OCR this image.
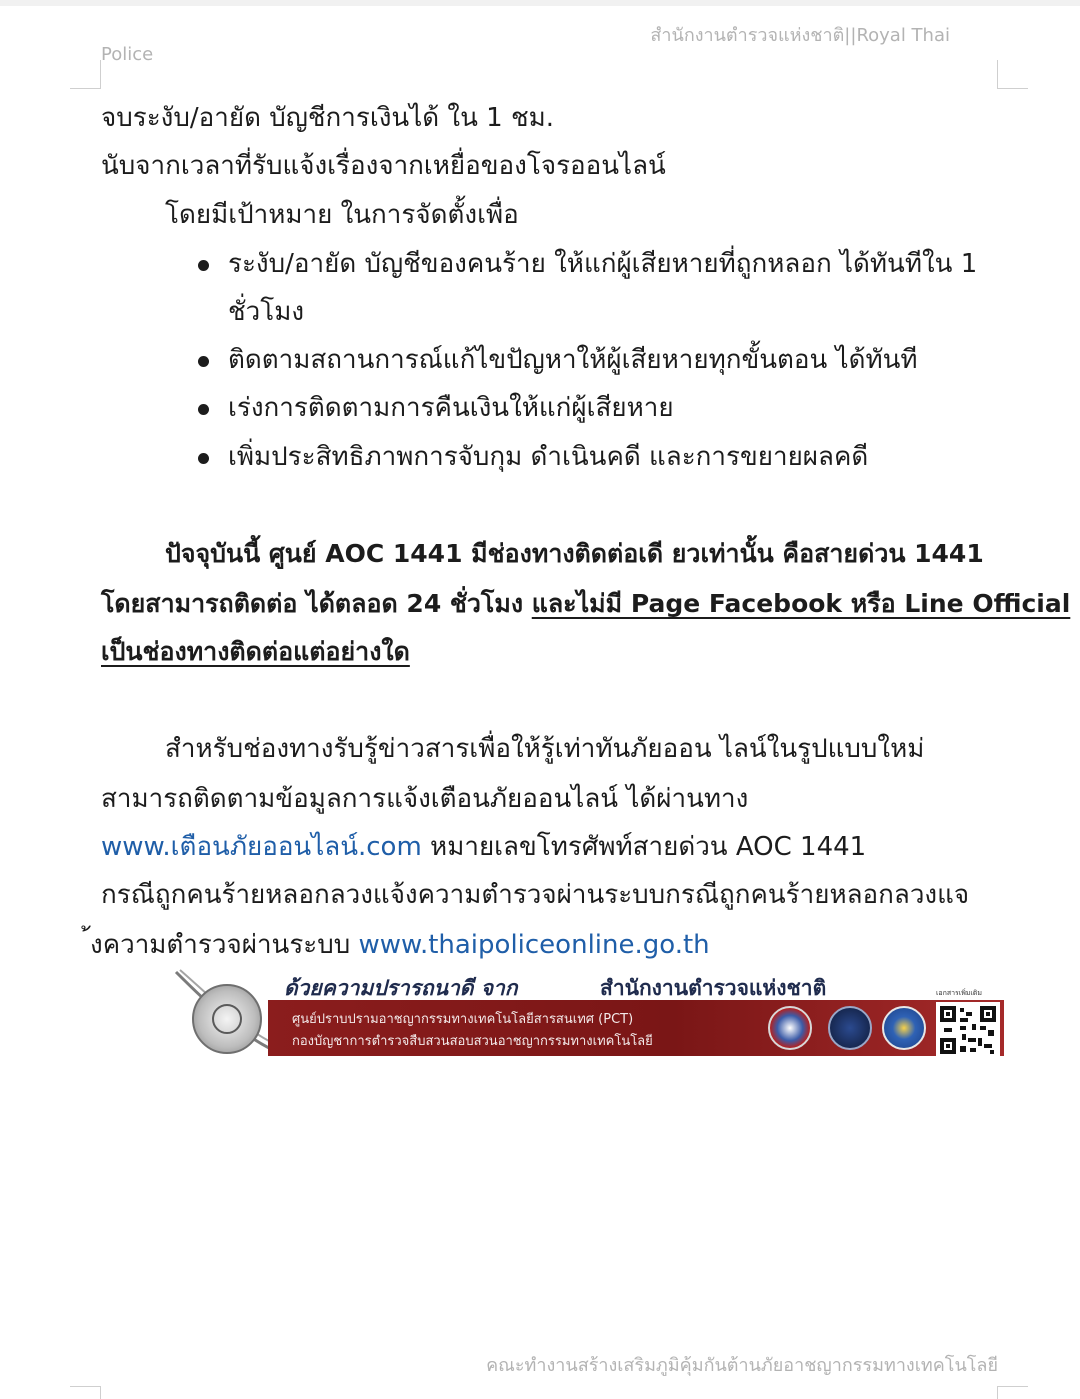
สำนักงานตำรวจแห่งชาติ||Royal Thai
Police
จบระงับ/อายัด บัญชีการเงินได้ ใน 1 ชม.
นับจากเวลาที่รับแจ้งเรื่องจากเหยื่อของโจรออนไลน์
โดยมีเป้าหมาย ในการจัดตั้งเพื่อ
ระงับ/อายัด บัญชีของคนร้าย ให้แก่ผู้เสียหายที่ถูกหลอก ได้ทันทีใน 1
ชั่วโมง
ติดตามสถานการณ์แก้ไขปัญหาให้ผู้เสียหายทุกขั้นตอน ได้ทันที
เร่งการติดตามการคืนเงินให้แก่ผู้เสียหาย
เพิ่มประสิทธิภาพการจับกุม ดำเนินคดี และการขยายผลคดี
ปัจจุบันนี้ ศูนย์ AOC 1441 มีช่องทางติดต่อเดี ยวเท่านั้น คือสายด่วน 1441
โดยสามารถติดต่อ ได้ตลอด 24 ชั่วโมง และไม่มี Page Facebook หรือ Line Official
เป็นช่องทางติดต่อแต่อย่างใด
สำหรับช่องทางรับรู้ข่าวสารเพื่อให้รู้เท่าทันภัยออน ไลน์ในรูปแบบใหม่
สามารถติดตามข้อมูลการแจ้งเตือนภัยออนไลน์ ได้ผ่านทาง
www.เตือนภัยออนไลน์.com หมายเลขโทรศัพท์สายด่วน AOC 1441
กรณีถูกคนร้ายหลอกลวงแจ้งความตำรวจผ่านระบบกรณีถูกคนร้ายหลอกลวงแจ
้งความตำรวจผ่านระบบ www.thaipoliceonline.go.th
ด้วยความปรารถนาดี จาก	สำนักงานตำรวจแห่งชาติ	เอกสารเพิ่มเติม
ศูนย์ปราบปรามอาชญากรรมทางเทคโนโลยีสารสนเทศ (PCT)
กองบัญชาการตำรวจสืบสวนสอบสวนอาชญากรรมทางเทคโนโลยี
คณะทำงานสร้างเสริมภูมิคุ้มกันต้านภัยอาชญากรรมทางเทคโนโลยี
